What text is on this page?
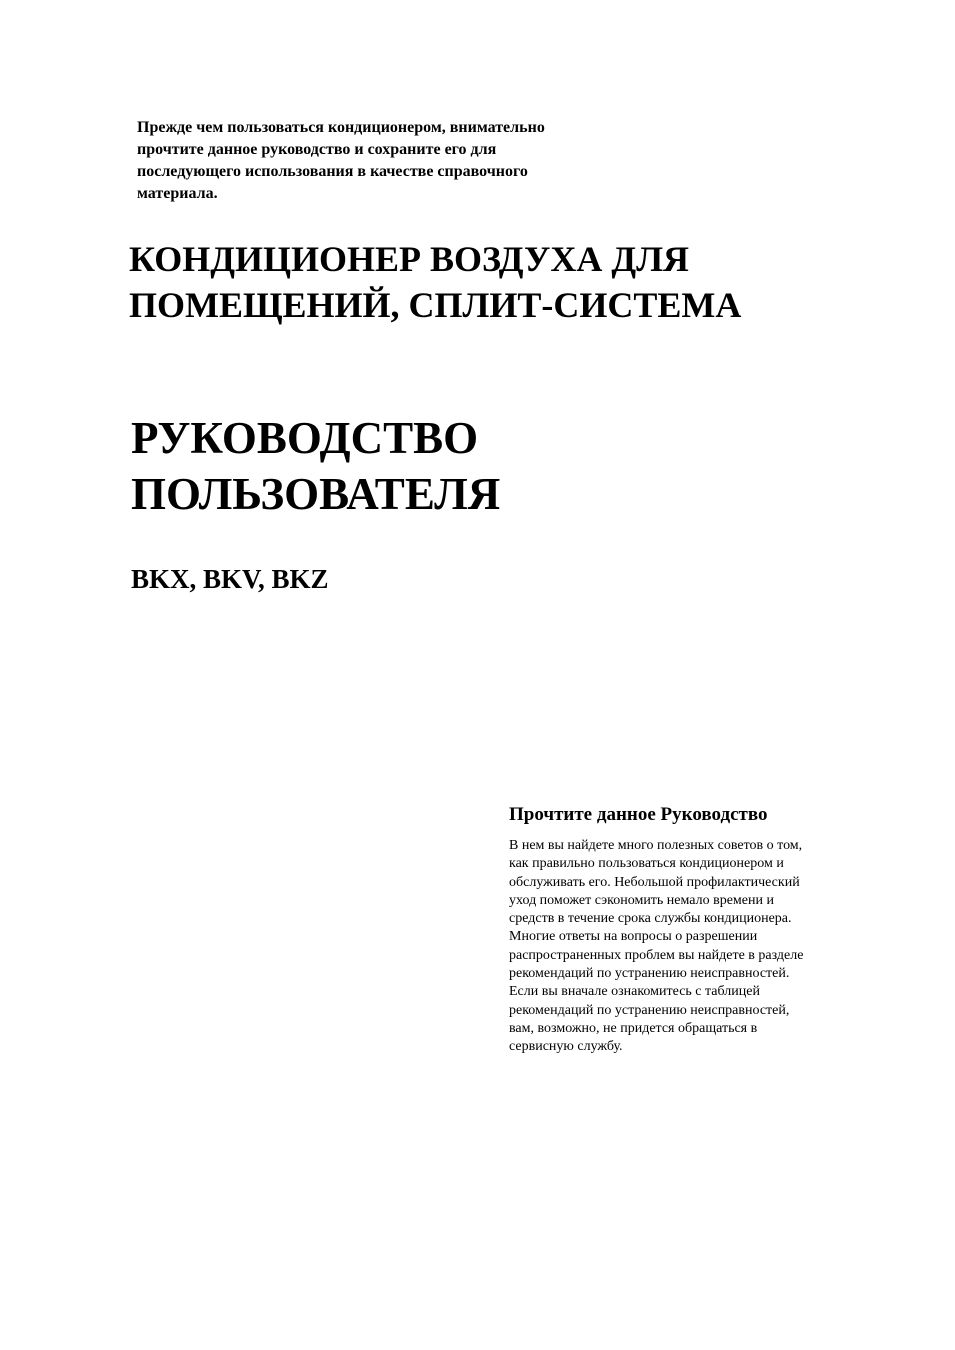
Прежде чем пользоваться кондиционером, внимательно
прочтите данное руководство и сохраните его для
последующего использования в качестве справочного
материала.

КОНДИЦИОНЕР ВОЗДУХА ДЛЯ
ПОМЕЩЕНИЙ, СПЛИТ-СИСТЕМА
РУКОВОДСТВО
ПОЛЬЗОВАТЕЛЯ

BKX, BKV, BKZ

Прочтите данное Руководство

В нем вы найдете много полезных советов о том,
как правильно пользоваться кондиционером и
обслуживать его. Небольшой профилактический
уход поможет сэкономить немало времени и
средств в течение срока службы кондиционера.
Многие ответы на вопросы о разрешении
распространенных проблем вы найдете в разделе
рекомендаций по устранению неисправностей.
Если вы вначале ознакомитесь с таблицей
рекомендаций по устранению неисправностей,
вам, возможно, не придется обращаться в
сервисную службу.
